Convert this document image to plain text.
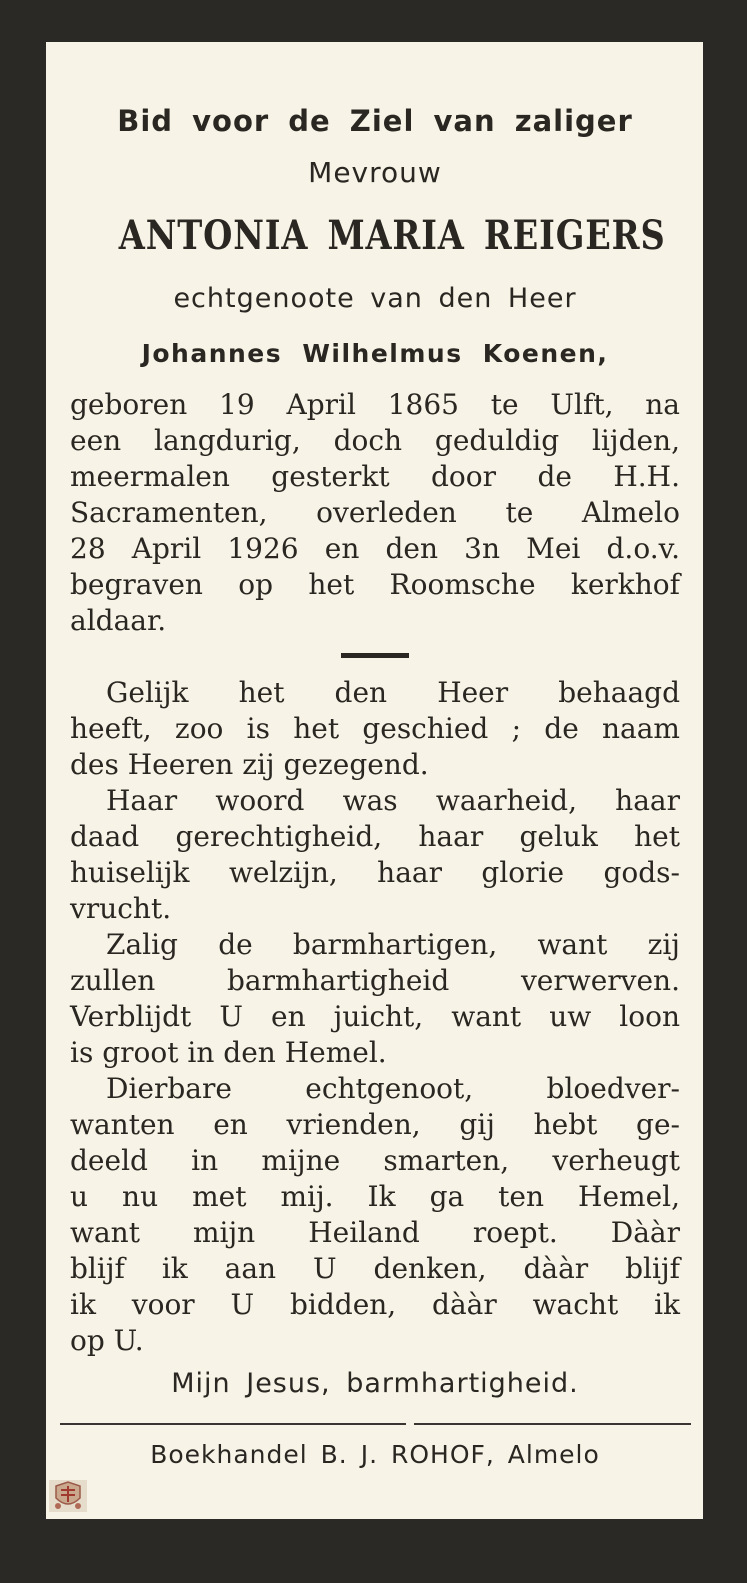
Bid voor de Ziel van zaliger
Mevrouw
ANTONIA MARIA REIGERS
echtgenoote van den Heer
Johannes Wilhelmus Koenen,
geboren 19 April 1865 te Ulft, na
een langdurig, doch geduldig lijden,
meermalen gesterkt door de H.H.
Sacramenten, overleden te Almelo
28 April 1926 en den 3n Mei d.o.v.
begraven op het Roomsche kerkhof
aldaar.
Gelijk het den Heer behaagd
heeft, zoo is het geschied ; de naam
des Heeren zij gezegend.
Haar woord was waarheid, haar
daad gerechtigheid, haar geluk het
huiselijk welzijn, haar glorie gods-
vrucht.
Zalig de barmhartigen, want zij
zullen barmhartigheid verwerven.
Verblijdt U en juicht, want uw loon
is groot in den Hemel.
Dierbare echtgenoot, bloedver-
wanten en vrienden, gij hebt ge-
deeld in mijne smarten, verheugt
u nu met mij. Ik ga ten Hemel,
want mijn Heiland roept. Dààr
blijf ik aan U denken, dààr blijf
ik voor U bidden, dààr wacht ik
op U.
Mijn Jesus, barmhartigheid.
Boekhandel B. J. ROHOF, Almelo
